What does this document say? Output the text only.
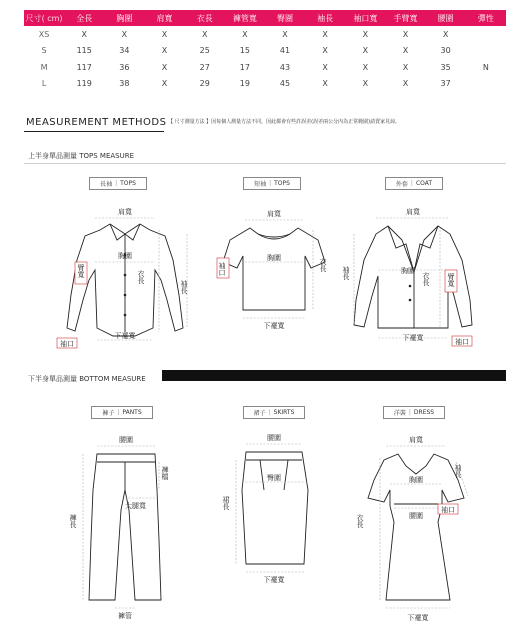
尺寸( cm)	全長	胸圍	肩寬	衣長	褲管寬	臀圍	袖長	袖口寬	手臂寬	腰圍	彈性
XS	X	X	X	X	X	X	X	X	X	X	
S	115	34	X	25	15	41	X	X	X	30	
M	117	36	X	27	17	43	X	X	X	35	N
L	119	38	X	29	19	45	X	X	X	37	
MEASUREMENT METHODS 【 尺寸測量方法 】因每個人測量方法不同，因此都會有些許誤差(誤差兩公分內為正常範圍)請賣家見諒。
上半身單品測量 TOPS MEASURE
長袖 | TOPS	短袖 | TOPS	外套 | COAT
肩寬
胸圍
臂寬	衣長
袖長
袖口
下襬寬
肩寬
胸圍
袖口	衣長
下襬寬
肩寬
胸圍
袖長	衣長 臂寬
下襬寬	袖口
下半身單品測量 BOTTOM MEASURE
褲子 | PANTS	裙子 | SKIRTS	洋裝 | DRESS
腰圍
褲檔
大腿寬
褲長
褲管
腰圍
臀圍
裙長
下襬寬
肩寬
袖長
胸圍
腰圍
袖口
衣長
下襬寬
